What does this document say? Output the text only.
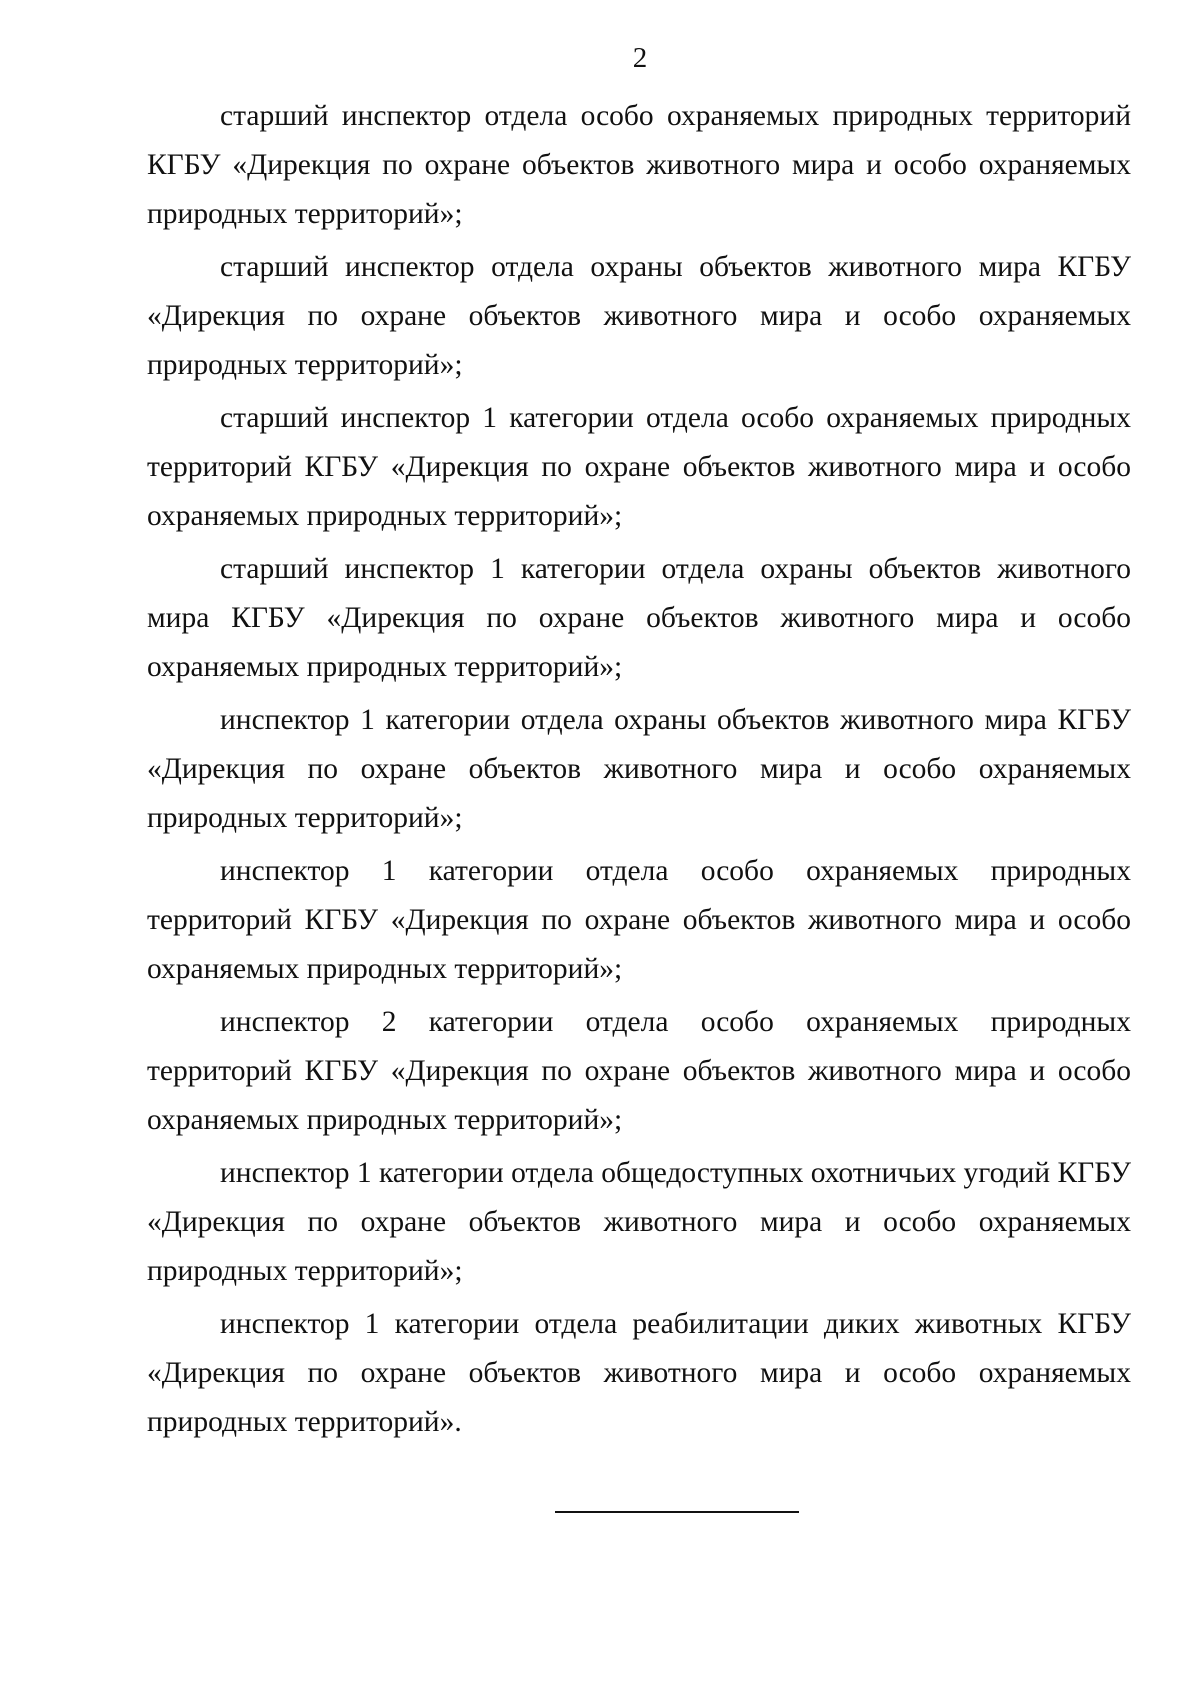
2

старший инспектор отдела особо охраняемых природных территорий КГБУ «Дирекция по охране объектов животного мира и особо охраняемых природных территорий»;

старший инспектор отдела охраны объектов животного мира КГБУ «Дирекция по охране объектов животного мира и особо охраняемых природных территорий»;

старший инспектор 1 категории отдела особо охраняемых природных территорий КГБУ «Дирекция по охране объектов животного мира и особо охраняемых природных территорий»;

старший инспектор 1 категории отдела охраны объектов животного мира КГБУ «Дирекция по охране объектов животного мира и особо охраняемых природных территорий»;

инспектор 1 категории отдела охраны объектов животного мира КГБУ «Дирекция по охране объектов животного мира и особо охраняемых природных территорий»;

инспектор 1 категории отдела особо охраняемых природных территорий КГБУ «Дирекция по охране объектов животного мира и особо охраняемых природных территорий»;

инспектор 2 категории отдела особо охраняемых природных территорий КГБУ «Дирекция по охране объектов животного мира и особо охраняемых природных территорий»;

инспектор 1 категории отдела общедоступных охотничьих угодий КГБУ «Дирекция по охране объектов животного мира и особо охраняемых природных территорий»;

инспектор 1 категории отдела реабилитации диких животных КГБУ «Дирекция по охране объектов животного мира и особо охраняемых природных территорий».
